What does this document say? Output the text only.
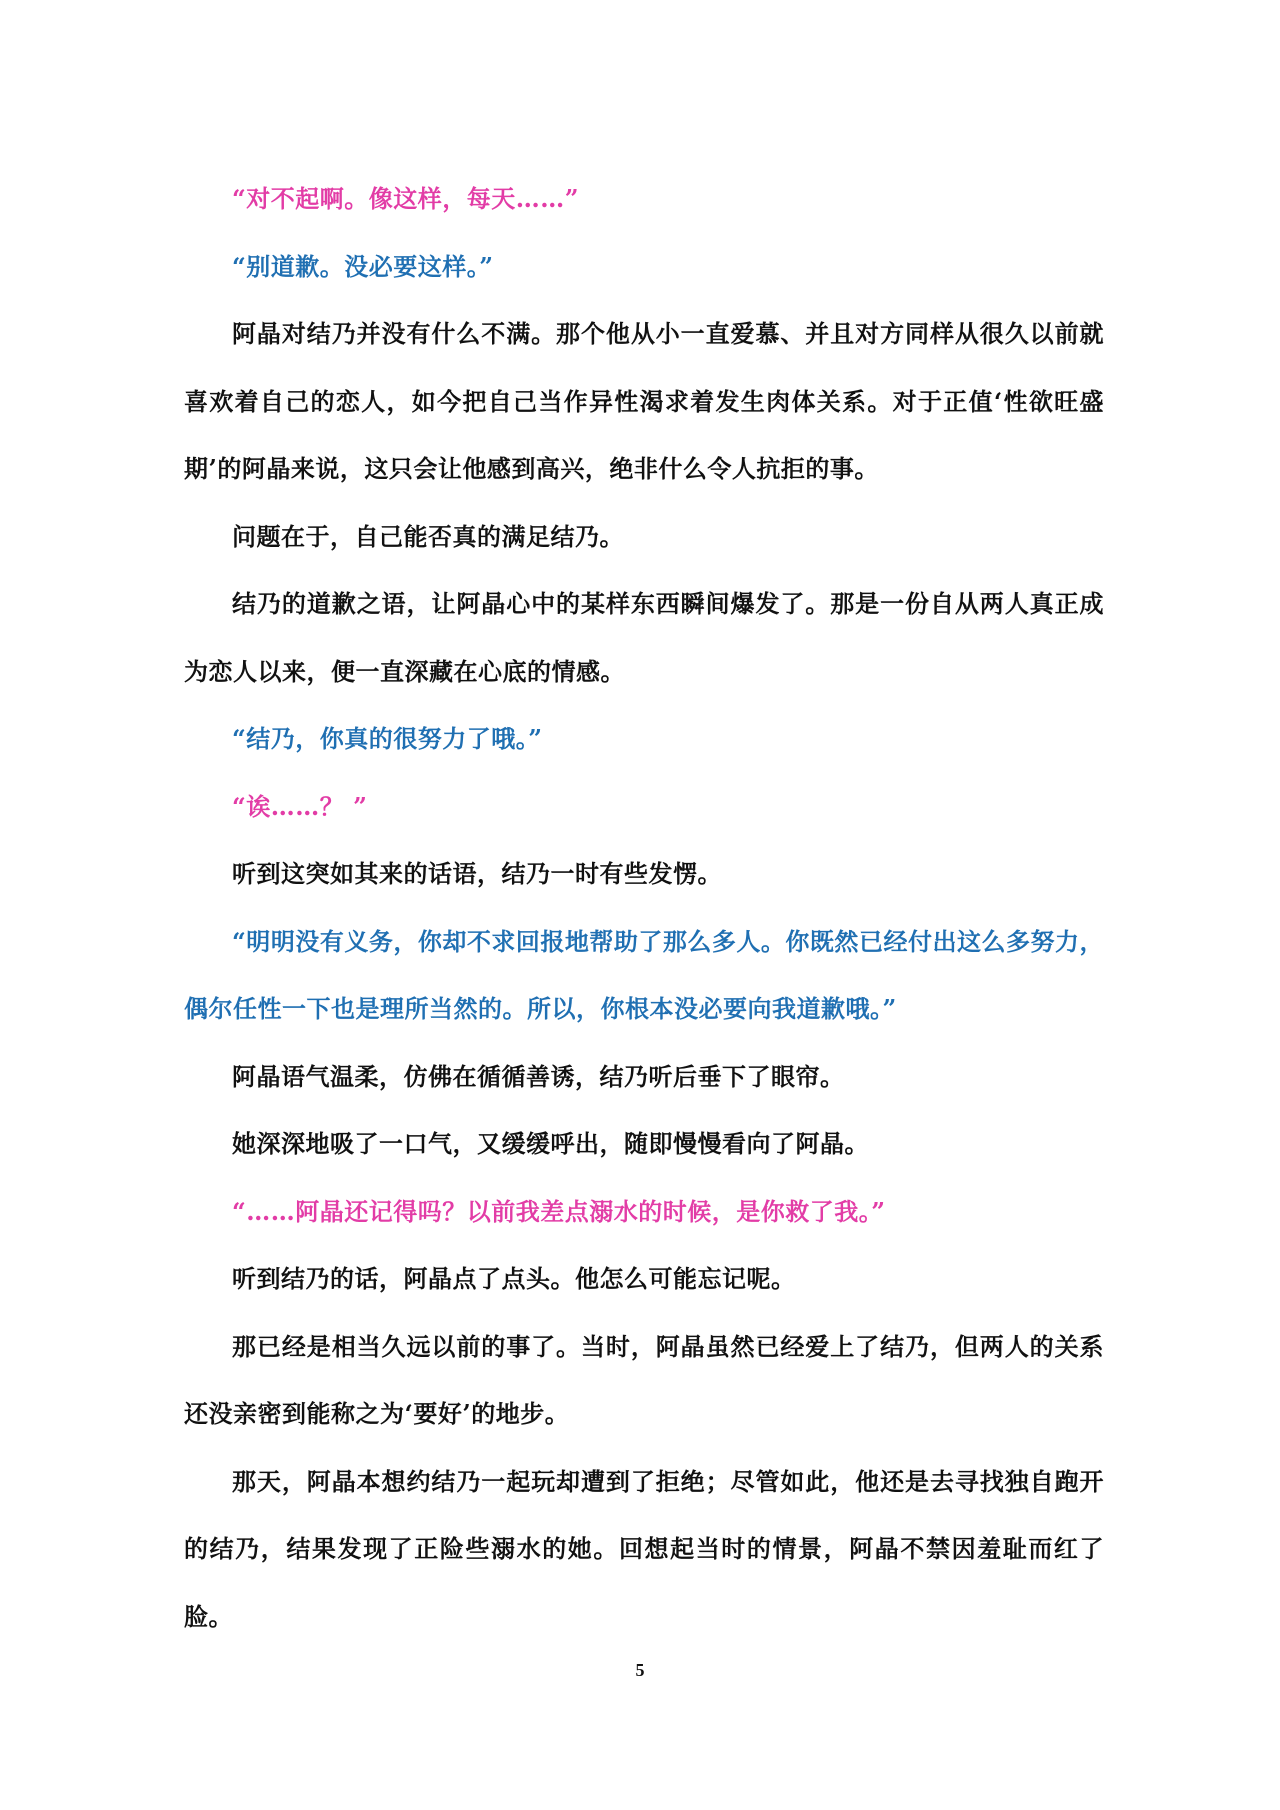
“对不起啊。像这样，每天……”

“别道歉。没必要这样。”

阿晶对结乃并没有什么不满。那个他从小一直爱慕、并且对方同样从很久以前就喜欢着自己的恋人，如今把自己当作异性渴求着发生肉体关系。对于正值‘性欲旺盛期’的阿晶来说，这只会让他感到高兴，绝非什么令人抗拒的事。

问题在于，自己能否真的满足结乃。

结乃的道歉之语，让阿晶心中的某样东西瞬间爆发了。那是一份自从两人真正成为恋人以来，便一直深藏在心底的情感。

“结乃，你真的很努力了哦。”

“诶……？ ”

听到这突如其来的话语，结乃一时有些发愣。

“明明没有义务，你却不求回报地帮助了那么多人。你既然已经付出这么多努力，偶尔任性一下也是理所当然的。所以，你根本没必要向我道歉哦。”

阿晶语气温柔，仿佛在循循善诱，结乃听后垂下了眼帘。

她深深地吸了一口气，又缓缓呼出，随即慢慢看向了阿晶。

“……阿晶还记得吗？以前我差点溺水的时候，是你救了我。”

听到结乃的话，阿晶点了点头。他怎么可能忘记呢。

那已经是相当久远以前的事了。当时，阿晶虽然已经爱上了结乃，但两人的关系还没亲密到能称之为‘要好’的地步。

那天，阿晶本想约结乃一起玩却遭到了拒绝；尽管如此，他还是去寻找独自跑开的结乃，结果发现了正险些溺水的她。回想起当时的情景，阿晶不禁因羞耻而红了脸。

5
